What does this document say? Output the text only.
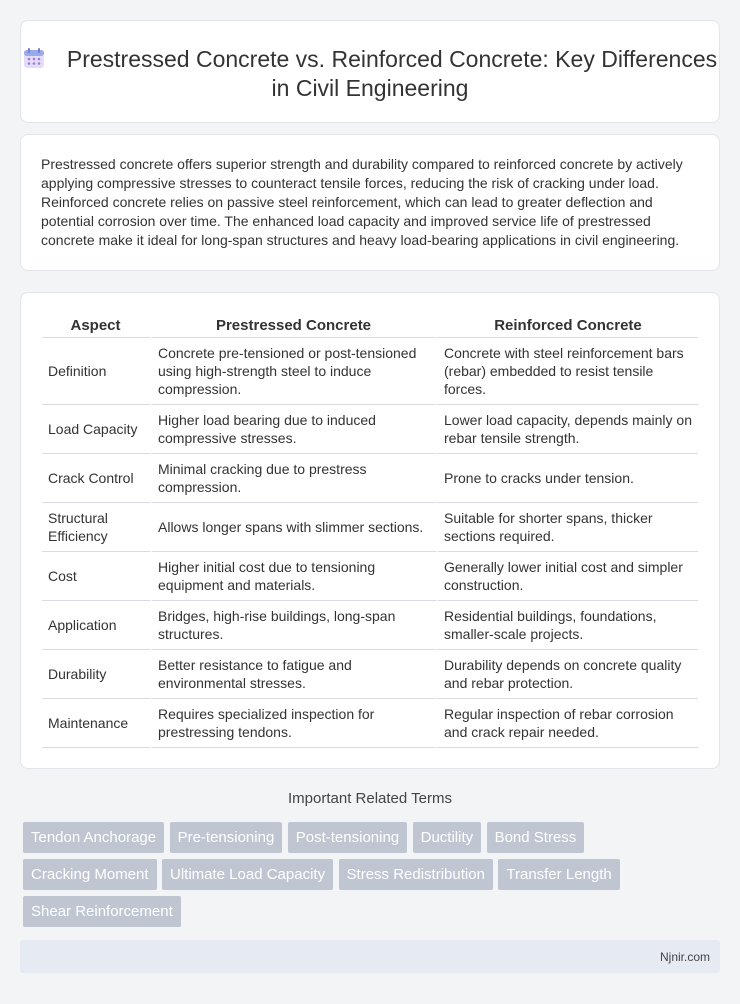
Prestressed Concrete vs. Reinforced Concrete: Key Differences in Civil Engineering

Prestressed concrete offers superior strength and durability compared to reinforced concrete by actively applying compressive stresses to counteract tensile forces, reducing the risk of cracking under load. Reinforced concrete relies on passive steel reinforcement, which can lead to greater deflection and potential corrosion over time. The enhanced load capacity and improved service life of prestressed concrete make it ideal for long-span structures and heavy load-bearing applications in civil engineering.

Aspect	Prestressed Concrete	Reinforced Concrete
Definition	Concrete pre-tensioned or post-tensioned using high-strength steel to induce compression.	Concrete with steel reinforcement bars (rebar) embedded to resist tensile forces.
Load Capacity	Higher load bearing due to induced compressive stresses.	Lower load capacity, depends mainly on rebar tensile strength.
Crack Control	Minimal cracking due to prestress compression.	Prone to cracks under tension.
Structural Efficiency	Allows longer spans with slimmer sections.	Suitable for shorter spans, thicker sections required.
Cost	Higher initial cost due to tensioning equipment and materials.	Generally lower initial cost and simpler construction.
Application	Bridges, high-rise buildings, long-span structures.	Residential buildings, foundations, smaller-scale projects.
Durability	Better resistance to fatigue and environmental stresses.	Durability depends on concrete quality and rebar protection.
Maintenance	Requires specialized inspection for prestressing tendons.	Regular inspection of rebar corrosion and crack repair needed.
Important Related Terms
Tendon Anchorage Pre-tensioning Post-tensioning Ductility Bond Stress Cracking Moment Ultimate Load Capacity Stress Redistribution Transfer Length Shear Reinforcement
Njnir.com
